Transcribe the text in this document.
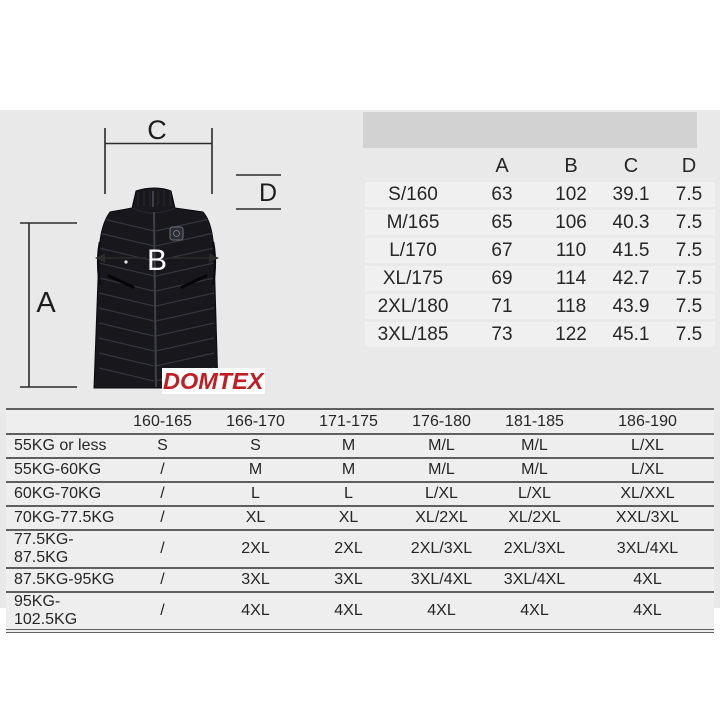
C
D
A
B
DOMTEX
	A	B	C	D
S/160	63	102	39.1	7.5
M/165	65	106	40.3	7.5
L/170	67	110	41.5	7.5
XL/175	69	114	42.7	7.5
2XL/180	71	118	43.9	7.5
3XL/185	73	122	45.1	7.5
	160-165	166-170	171-175	176-180	181-185	186-190
55KG or less	S	S	M	M/L	M/L	L/XL
55KG-60KG	/	M	M	M/L	M/L	L/XL
60KG-70KG	/	L	L	L/XL	L/XL	XL/XXL
70KG-77.5KG	/	XL	XL	XL/2XL	XL/2XL	XXL/3XL
77.5KG-87.5KG	/	2XL	2XL	2XL/3XL	2XL/3XL	3XL/4XL
87.5KG-95KG	/	3XL	3XL	3XL/4XL	3XL/4XL	4XL
95KG-102.5KG	/	4XL	4XL	4XL	4XL	4XL
